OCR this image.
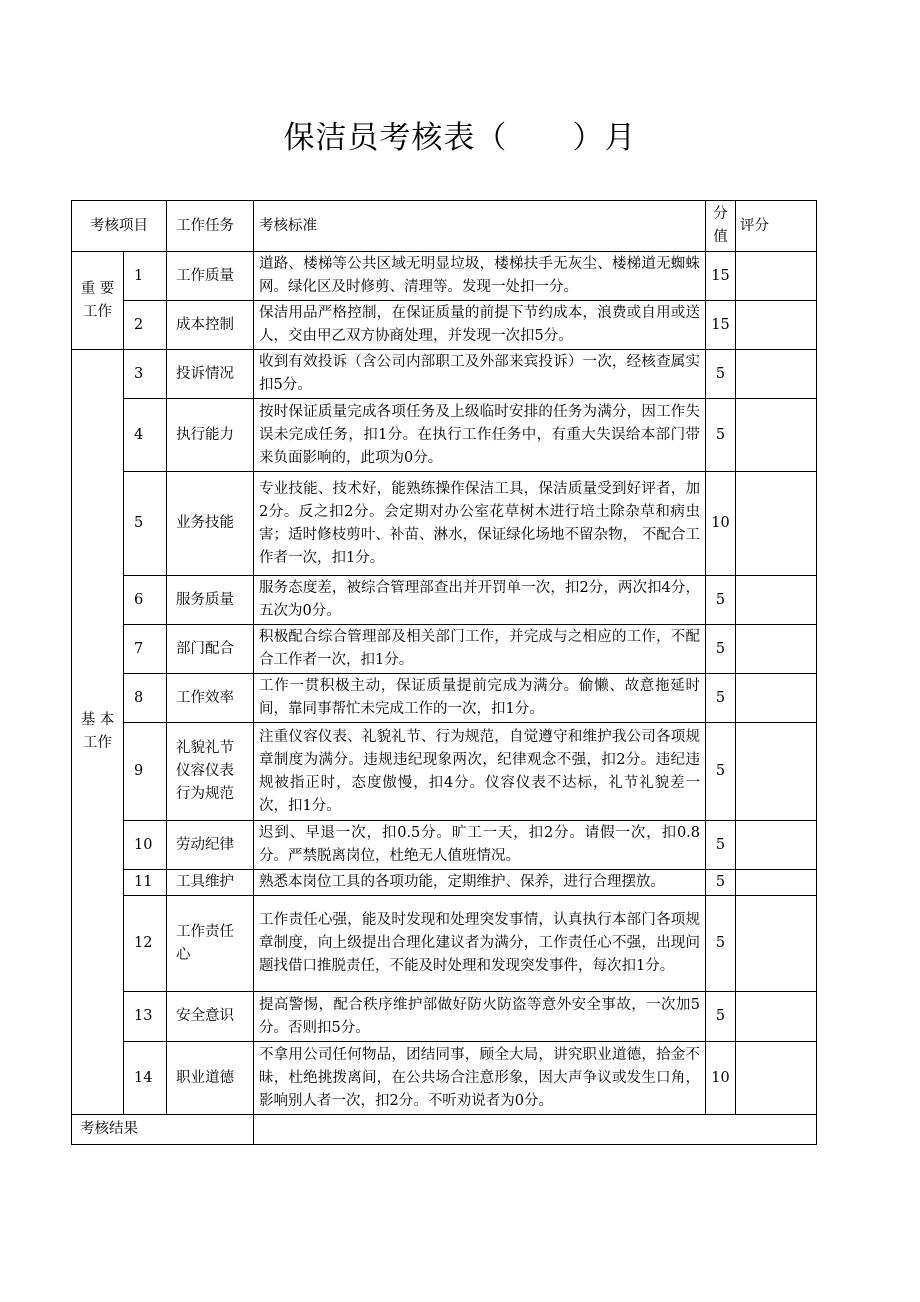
保洁员考核表（      ）月
考核项目		工作任务	考核标准	分值	评分
重 要 工作	1	工作质量	道路、楼梯等公共区域无明显垃圾，楼梯扶手无灰尘、楼梯道无蜘蛛网。绿化区及时修剪、清理等。发现一处扣一分。	15	
	2	成本控制	保洁用品严格控制，在保证质量的前提下节约成本，浪费或自用或送人，交由甲乙双方协商处理，并发现一次扣5分。	15	
基 本 工作	3	投诉情况	收到有效投诉（含公司内部职工及外部来宾投诉）一次，经核查属实扣5分。	5	
	4	执行能力	按时保证质量完成各项任务及上级临时安排的任务为满分，因工作失误未完成任务，扣1分。在执行工作任务中，有重大失误给本部门带来负面影响的，此项为0分。	5	
	5	业务技能	专业技能、技术好，能熟练操作保洁工具，保洁质量受到好评者，加2分。反之扣2分。会定期对办公室花草树木进行培土除杂草和病虫害；适时修枝剪叶、补苗、淋水，保证绿化场地不留杂物， 不配合工作者一次，扣1分。	10	
	6	服务质量	服务态度差，被综合管理部查出并开罚单一次，扣2分，两次扣4分，五次为0分。	5	
	7	部门配合	积极配合综合管理部及相关部门工作，并完成与之相应的工作，不配合工作者一次，扣1分。	5	
	8	工作效率	工作一贯积极主动，保证质量提前完成为满分。偷懒、故意拖延时间，靠同事帮忙未完成工作的一次，扣1分。	5	
	9	礼貌礼节仪容仪表行为规范	注重仪容仪表、礼貌礼节、行为规范，自觉遵守和维护我公司各项规章制度为满分。违规违纪现象两次，纪律观念不强，扣2分。违纪违规被指正时，态度傲慢，扣4分。仪容仪表不达标，礼节礼貌差一次，扣1分。	5	
	10	劳动纪律	迟到、早退一次，扣0.5分。旷工一天，扣2分。请假一次，扣0.8分。严禁脱离岗位，杜绝无人值班情况。	5	
	11	工具维护	熟悉本岗位工具的各项功能，定期维护、保养，进行合理摆放。	5	
	12	工作责任心	工作责任心强，能及时发现和处理突发事情，认真执行本部门各项规章制度，向上级提出合理化建议者为满分，工作责任心不强，出现问题找借口推脱责任，不能及时处理和发现突发事件，每次扣1分。	5	
	13	安全意识	提高警惕，配合秩序维护部做好防火防盗等意外安全事故，一次加5分。否则扣5分。	5	
	14	职业道德	不拿用公司任何物品，团结同事，顾全大局，讲究职业道德，拾金不昧，杜绝挑拨离间，在公共场合注意形象，因大声争议或发生口角，影响别人者一次，扣2分。不听劝说者为0分。	10	
考核结果					
